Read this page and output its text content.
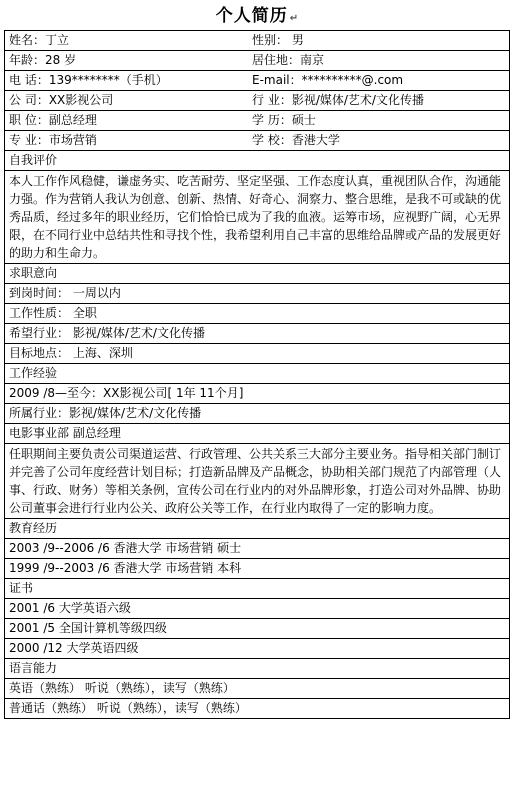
个人简历 ↵
姓名：丁立	性别： 男
年龄：28 岁	居住地：南京
电 话：139********（手机）	E-mail：**********@.com
公 司：XX影视公司	行 业：影视/媒体/艺术/文化传播
职 位：副总经理	学 历：硕士
专 业：市场营销	学 校：香港大学
自我评价
本人工作作风稳健，谦虚务实、吃苦耐劳、坚定坚强、工作态度认真，重视团队合作，沟通能力强。作为营销人我认为创意、创新、热情、好奇心、洞察力、整合思维，是我不可或缺的优秀品质，经过多年的职业经历，它们恰恰已成为了我的血液。运筹市场，应视野广阔，心无界限，在不同行业中总结共性和寻找个性，我希望利用自己丰富的思维给品牌或产品的发展更好的助力和生命力。
求职意向
到岗时间： 一周以内
工作性质： 全职
希望行业： 影视/媒体/艺术/文化传播
目标地点： 上海、深圳
工作经验
2009 /8—至今：XX影视公司[ 1年 11个月]
所属行业：影视/媒体/艺术/文化传播
电影事业部 副总经理
任职期间主要负责公司渠道运营、行政管理、公共关系三大部分主要业务。指导相关部门制订并完善了公司年度经营计划目标；打造新品牌及产品概念，协助相关部门规范了内部管理（人事、行政、财务）等相关条例，宣传公司在行业内的对外品牌形象，打造公司对外品牌、协助公司董事会进行行业内公关、政府公关等工作，在行业内取得了一定的影响力度。
教育经历
2003 /9--2006 /6 香港大学 市场营销 硕士
1999 /9--2003 /6 香港大学 市场营销 本科
证书
2001 /6 大学英语六级
2001 /5 全国计算机等级四级
2000 /12 大学英语四级
语言能力
英语（熟练） 听说（熟练），读写（熟练）
普通话（熟练） 听说（熟练），读写（熟练）
